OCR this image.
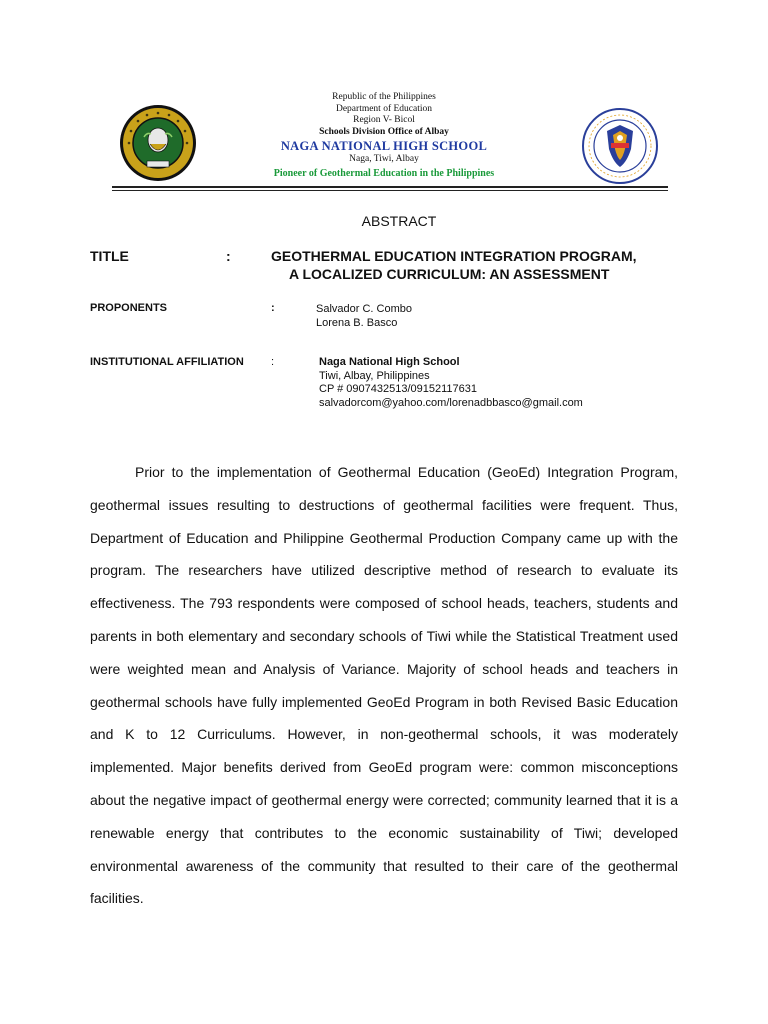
Republic of the Philippines
Department of Education
Region V- Bicol
Schools Division Office of Albay
NAGA NATIONAL HIGH SCHOOL
Naga, Tiwi, Albay
Pioneer of Geothermal Education in the Philippines
ABSTRACT
TITLE	:	GEOTHERMAL EDUCATION INTEGRATION PROGRAM,
A LOCALIZED CURRICULUM: AN ASSESSMENT
PROPONENTS	:	Salvador C. Combo
Lorena B. Basco
INSTITUTIONAL AFFILIATION :	Naga National High School
Tiwi, Albay, Philippines
CP # 0907432513/09152117631
salvadorcom@yahoo.com/lorenadbbasco@gmail.com

Prior to the implementation of Geothermal Education (GeoEd) Integration Program, geothermal issues resulting to destructions of geothermal facilities were frequent. Thus, Department of Education and Philippine Geothermal Production Company came up with the program. The researchers have utilized descriptive method of research to evaluate its effectiveness. The 793 respondents were composed of school heads, teachers, students and parents in both elementary and secondary schools of Tiwi while the Statistical Treatment used were weighted mean and Analysis of Variance. Majority of school heads and teachers in geothermal schools have fully implemented GeoEd Program in both Revised Basic Education and K to 12 Curriculums. However, in non-geothermal schools, it was moderately implemented. Major benefits derived from GeoEd program were: common misconceptions about the negative impact of geothermal energy were corrected; community learned that it is a renewable energy that contributes to the economic sustainability of Tiwi; developed environmental awareness of the community that resulted to their care of the geothermal facilities.
